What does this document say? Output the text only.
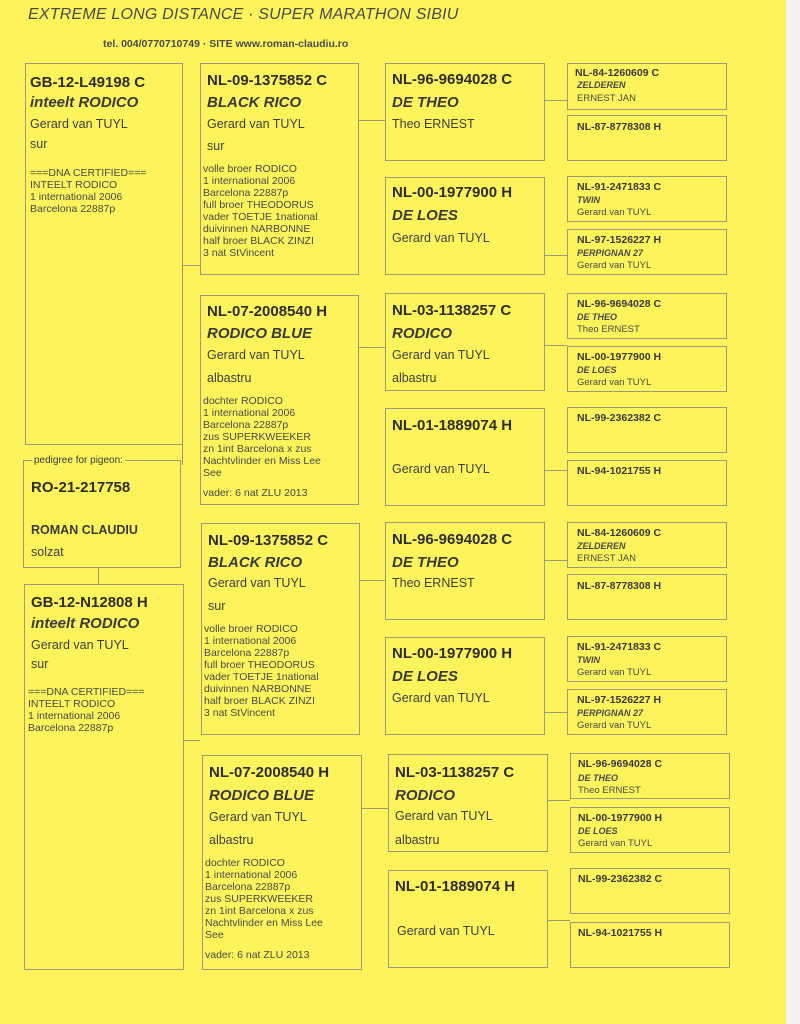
EXTREME LONG DISTANCE · SUPER MARATHON SIBIU
tel. 004/0770710749 · SITE www.roman-claudiu.ro
GB-12-L49198 C
inteelt RODICO
Gerard van TUYL
sur
===DNA CERTIFIED===
INTEELT RODICO
1 international 2006
Barcelona 22887p
pedigree for pigeon:
RO-21-217758
ROMAN CLAUDIU
solzat
GB-12-N12808 H
inteelt RODICO
Gerard van TUYL
sur
===DNA CERTIFIED===
INTEELT RODICO
1 international 2006
Barcelona 22887p
NL-09-1375852 C
BLACK RICO
Gerard van TUYL
sur
volle broer RODICO
1 international 2006
Barcelona 22887p
full broer THEODORUS
vader TOETJE 1national
duivinnen NARBONNE
half broer BLACK ZINZI
3 nat StVincent
NL-07-2008540 H
RODICO BLUE
Gerard van TUYL
albastru
dochter RODICO
1 international 2006
Barcelona 22887p
zus SUPERKWEEKER
zn 1int Barcelona x zus
Nachtvlinder en Miss Lee
See
vader: 6 nat ZLU 2013
NL-09-1375852 C
BLACK RICO
Gerard van TUYL
sur
volle broer RODICO
1 international 2006
Barcelona 22887p
full broer THEODORUS
vader TOETJE 1national
duivinnen NARBONNE
half broer BLACK ZINZI
3 nat StVincent
NL-07-2008540 H
RODICO BLUE
Gerard van TUYL
albastru
dochter RODICO
1 international 2006
Barcelona 22887p
zus SUPERKWEEKER
zn 1int Barcelona x zus
Nachtvlinder en Miss Lee
See
vader: 6 nat ZLU 2013
NL-96-9694028 C
DE THEO
Theo ERNEST
NL-00-1977900 H
DE LOES
Gerard van TUYL
NL-03-1138257 C
RODICO
Gerard van TUYL
albastru
NL-01-1889074 H
Gerard van TUYL
NL-96-9694028 C
DE THEO
Theo ERNEST
NL-00-1977900 H
DE LOES
Gerard van TUYL
NL-03-1138257 C
RODICO
Gerard van TUYL
albastru
NL-01-1889074 H
Gerard van TUYL
NL-84-1260609 C
ZELDEREN
ERNEST JAN
NL-87-8778308 H
NL-91-2471833 C
TWIN
Gerard van TUYL
NL-97-1526227 H
PERPIGNAN 27
Gerard van TUYL
NL-96-9694028 C
DE THEO
Theo ERNEST
NL-00-1977900 H
DE LOES
Gerard van TUYL
NL-99-2362382 C
NL-94-1021755 H
NL-84-1260609 C
ZELDEREN
ERNEST JAN
NL-87-8778308 H
NL-91-2471833 C
TWIN
Gerard van TUYL
NL-97-1526227 H
PERPIGNAN 27
Gerard van TUYL
NL-96-9694028 C
DE THEO
Theo ERNEST
NL-00-1977900 H
DE LOES
Gerard van TUYL
NL-99-2362382 C
NL-94-1021755 H
